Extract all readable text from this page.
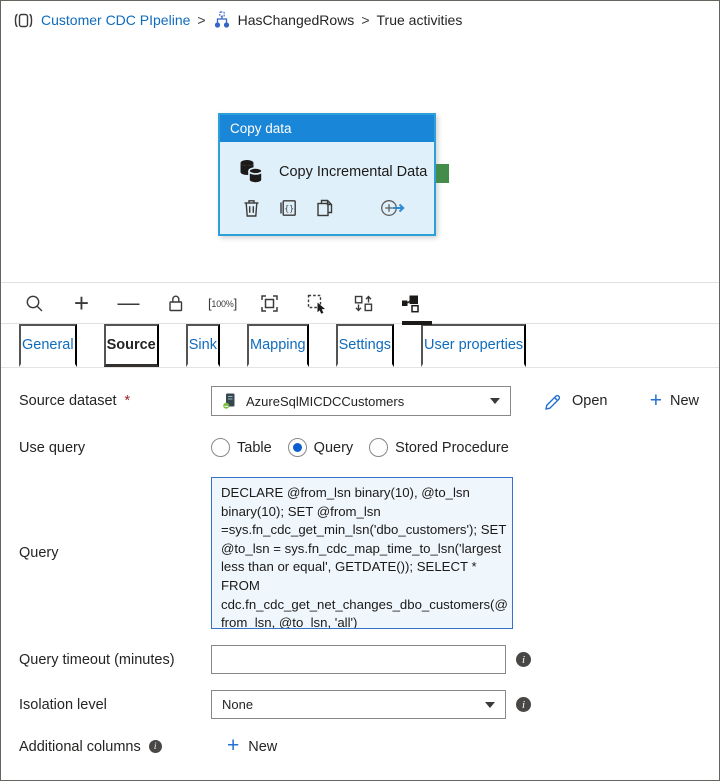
Customer CDC PIpeline > HasChangedRows > True activities
Copy data
Copy Incremental Data
{}
+ —	[ 100% ]
General Source Sink Mapping Settings User properties
Source dataset *	AzureSqlMICDCCustomers	Open + New
Use query	Table	Query	Stored Procedure
Query
DECLARE @from_lsn binary(10), @to_lsn binary(10); SET @from_lsn =sys.fn_cdc_get_min_lsn('dbo_customers'); SET @to_lsn = sys.fn_cdc_map_time_to_lsn('largest less than or equal', GETDATE()); SELECT * FROM cdc.fn_cdc_get_net_changes_dbo_customers(@from_lsn, @to_lsn, 'all')
Query timeout (minutes)	i
Isolation level	None	i
Additional columns	i	+ New
